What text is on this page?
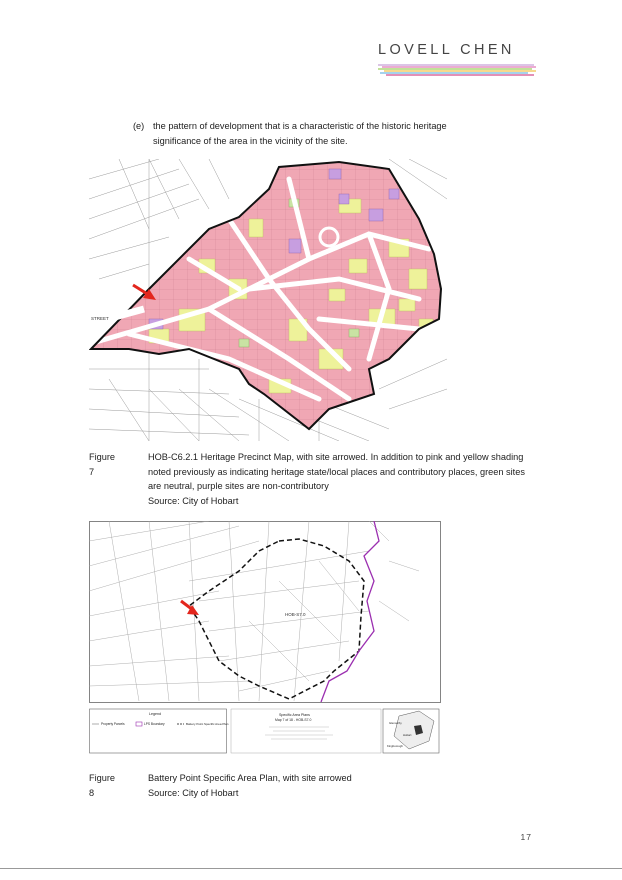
LOVELL CHEN
(e) the pattern of development that is a characteristic of the historic heritage significance of the area in the vicinity of the site.
STREET
Figure 7
HOB-C6.2.1 Heritage Precinct Map, with site arrowed. In addition to pink and yellow shading noted previously as indicating heritage state/local places and contributory places, green sites are neutral, purple sites are non-contributory
Source: City of Hobart
HOB-S7.0
Legend
Property Parcels	LPS Boundary	Battery Point Specific Area Plan
Specific Area Plans
Map 7 of 18 - HOB-S7.0
Glenorchy
Hobart
Kingborough
Figure 8
Battery Point Specific Area Plan, with site arrowed
Source: City of Hobart
17
